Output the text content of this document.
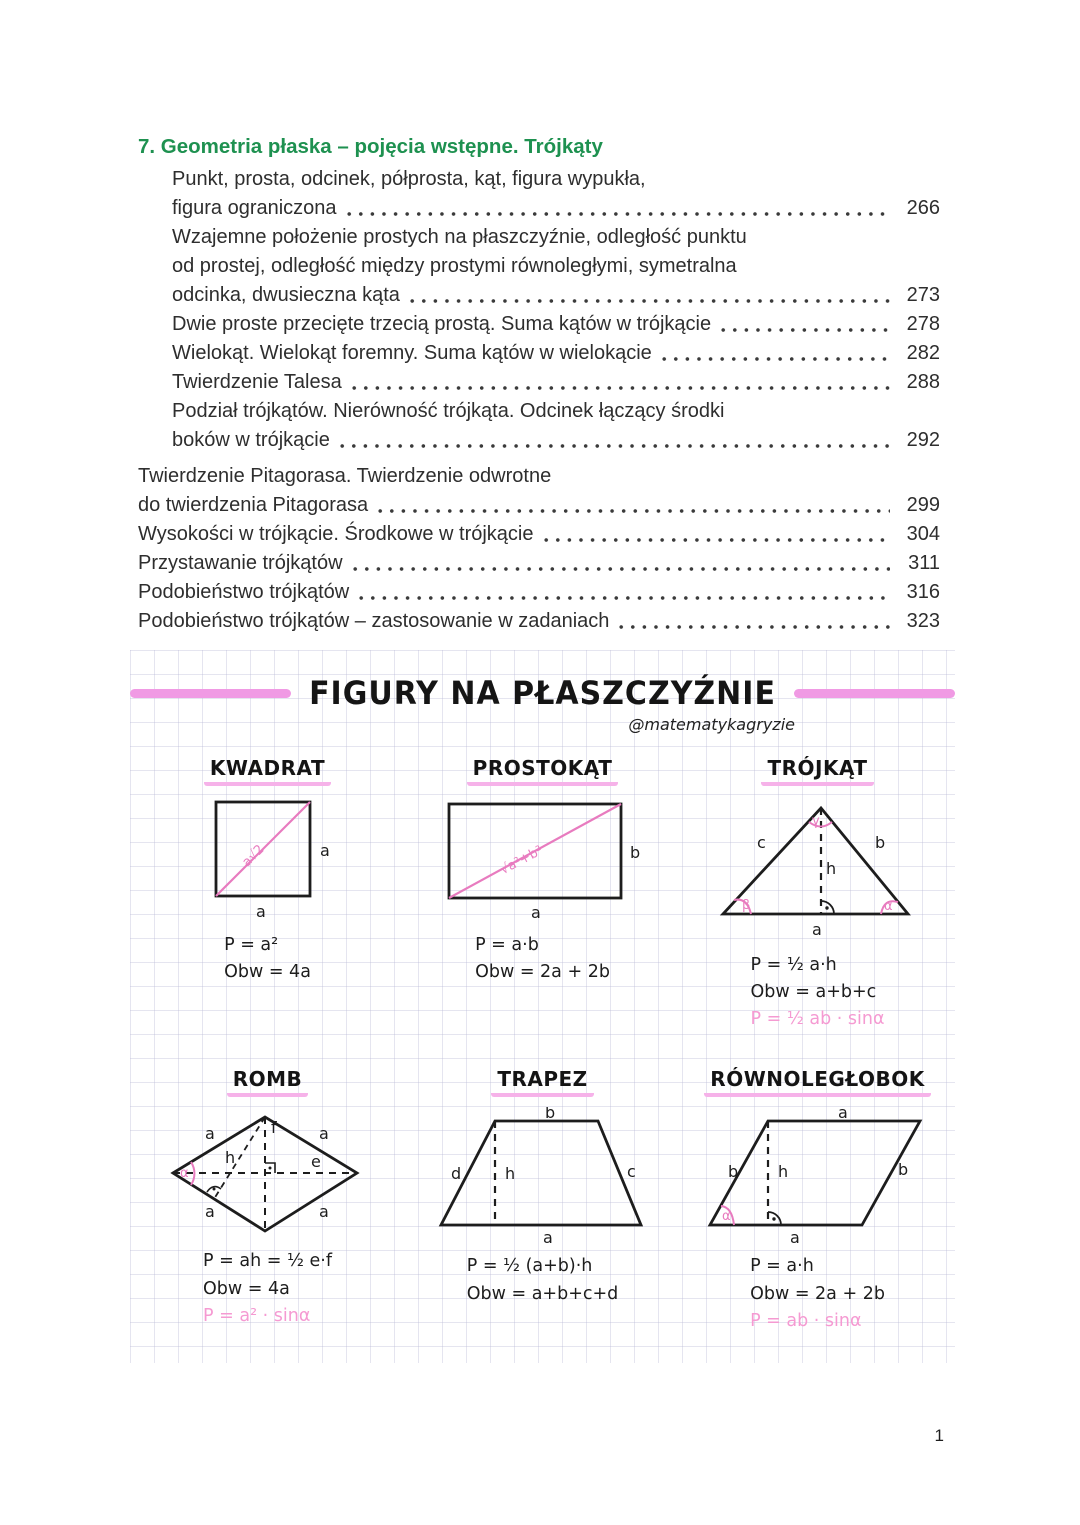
7. Geometria płaska – pojęcia wstępne. Trójkąty
Punkt, prosta, odcinek, półprosta, kąt, figura wypukła,
figura ograniczona	266
Wzajemne położenie prostych na płaszczyźnie, odległość punktu
od prostej, odległość między prostymi równoległymi, symetralna
odcinka, dwusieczna kąta	273
Dwie proste przecięte trzecią prostą. Suma kątów w trójkącie	278
Wielokąt. Wielokąt foremny. Suma kątów w wielokącie	282
Twierdzenie Talesa	288
Podział trójkątów. Nierówność trójkąta. Odcinek łączący środki
boków w trójkącie	292
Twierdzenie Pitagorasa. Twierdzenie odwrotne
do twierdzenia Pitagorasa	299
Wysokości w trójkącie. Środkowe w trójkącie	304
Przystawanie trójkątów	311
Podobieństwo trójkątów	316
Podobieństwo trójkątów – zastosowanie w zadaniach	323
FIGURY NA PŁASZCZYŹNIE
@matematykagryzie
KWADRAT
a√2	a
a
P = a²
Obw = 4a
PROSTOKĄT
√a²+b²	b
a
P = a·b
Obw = 2a + 2b
TRÓJKĄT
γ
β	α
c	b
h
a
P = ½ a·h
Obw = a+b+c
P = ½ ab · sinα
ROMB
α
a	a
a	a
h
f
e
P = ah = ½ e·f
Obw = 4a
P = a² · sinα
TRAPEZ
b
d	h	c
a
P = ½ (a+b)·h
Obw = a+b+c+d
RÓWNOLEGŁOBOK
α
a
b h	b
a
P = a·h
Obw = 2a + 2b
P = ab · sinα
1
